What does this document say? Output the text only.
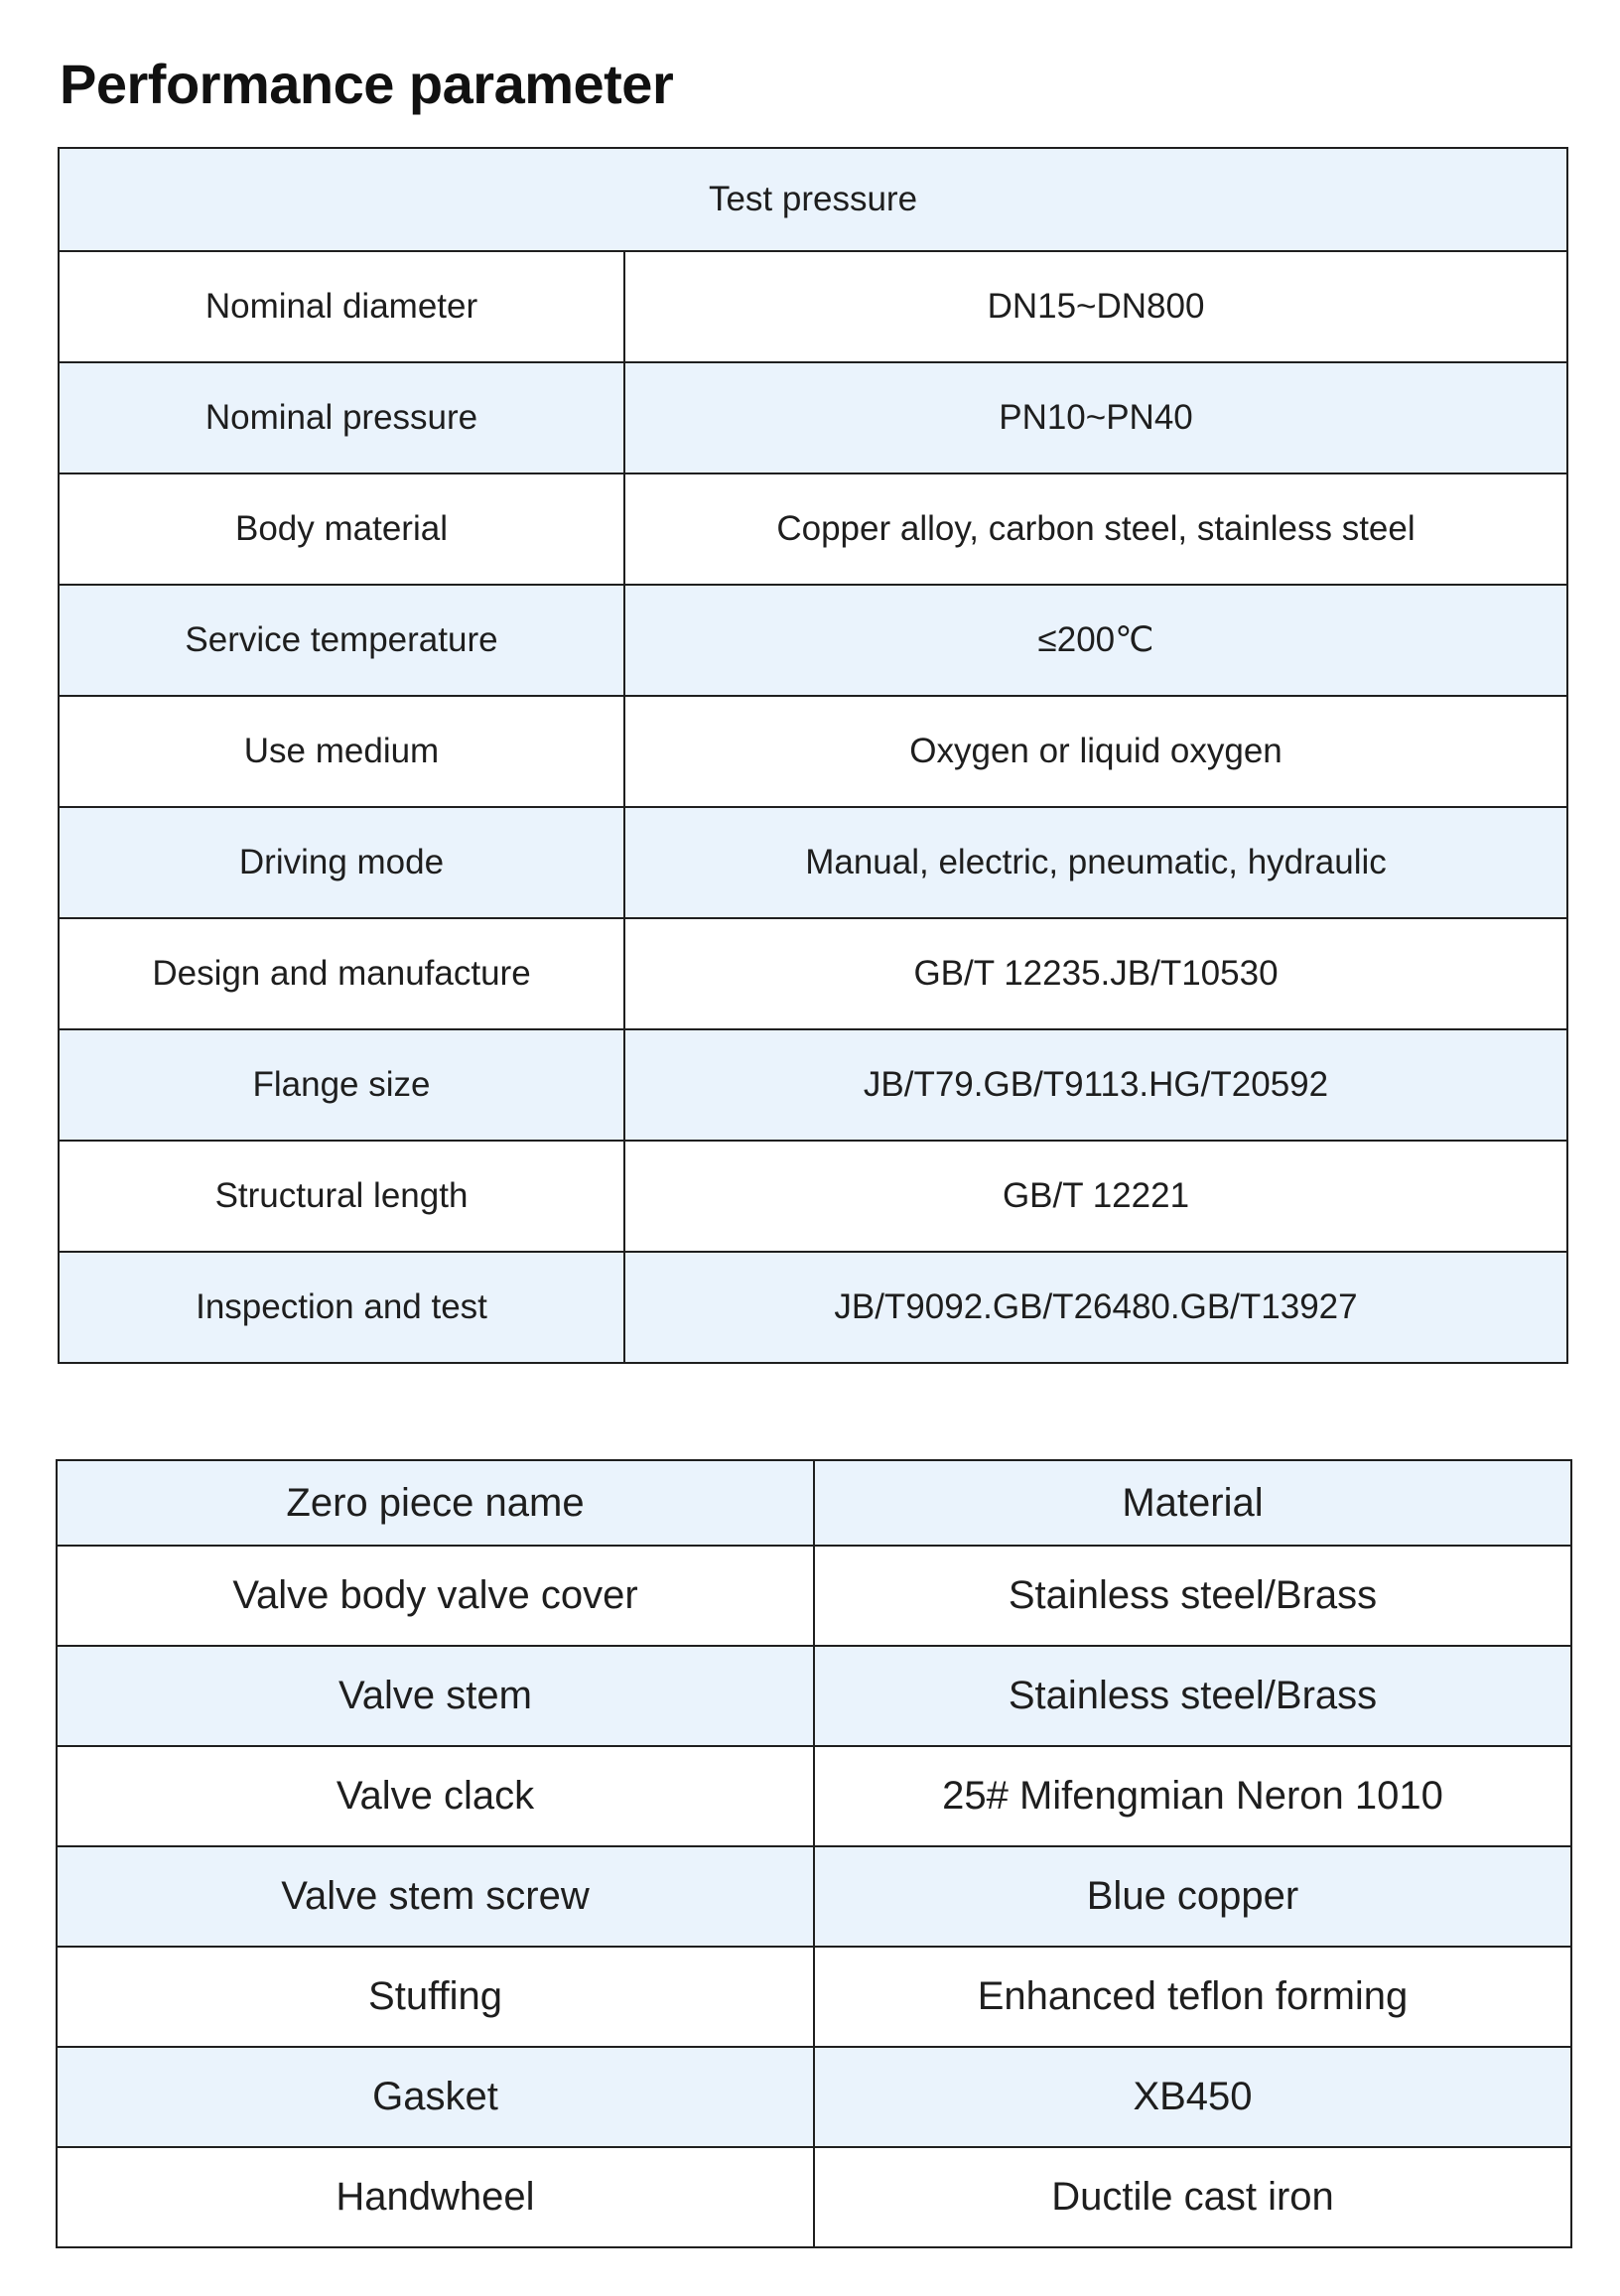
Performance parameter
Test pressure	
Nominal diameter	DN15~DN800
Nominal pressure	PN10~PN40
Body material	Copper alloy, carbon steel, stainless steel
Service temperature	≤200℃
Use medium	Oxygen or liquid oxygen
Driving mode	Manual, electric, pneumatic, hydraulic
Design and manufacture	GB/T 12235.JB/T10530
Flange size	JB/T79.GB/T9113.HG/T20592
Structural length	GB/T 12221
Inspection and test	JB/T9092.GB/T26480.GB/T13927
Zero piece name	Material
Valve body valve cover	Stainless steel/Brass
Valve stem	Stainless steel/Brass
Valve clack	25# Mifengmian Neron 1010
Valve stem screw	Blue copper
Stuffing	Enhanced teflon forming
Gasket	XB450
Handwheel	Ductile cast iron
